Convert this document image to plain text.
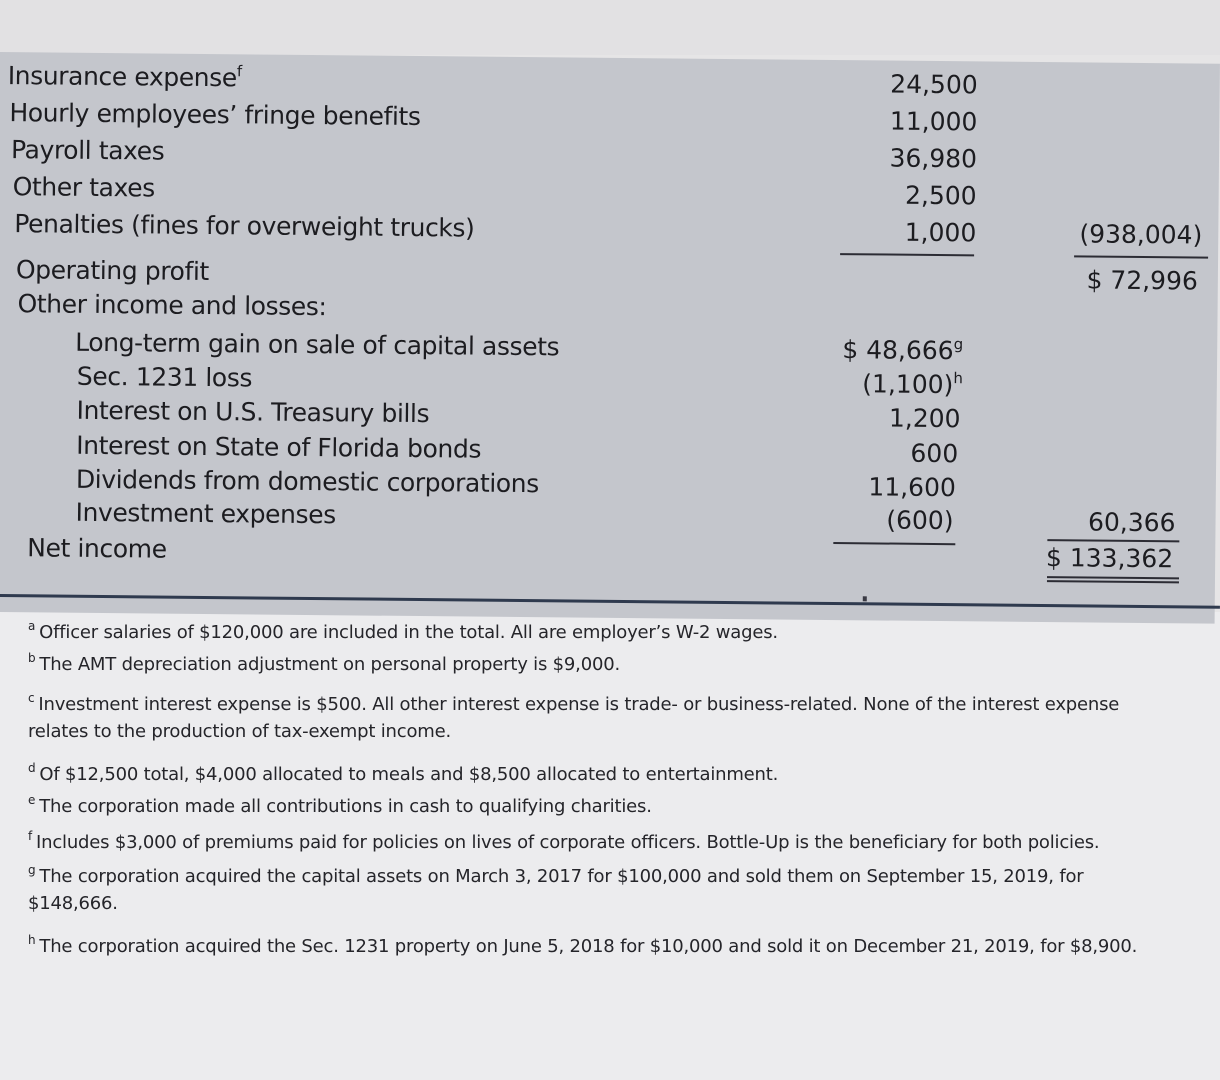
Insurance expense$^f$	24,500
Hourly employees’ fringe benefits	11,000
Payroll taxes	36,980
Other taxes	2,500
Penalties (fines for overweight trucks)	1,000	(938,004)
Operating profit	$ 72,996
Other income and losses:
Long-term gain on sale of capital assets	$ 48,666$^g$
Sec. 1231 loss	$(1,100)^h$
Interest on U.S. Treasury bills	1,200
Interest on State of Florida bonds	600
Dividends from domestic corporations	11,600
Investment expenses	(600)	60,366
Net income	$ 133,362
$^a$ Officer salaries of $120,000 are included in the total. All are employer’s W-2 wages.
$^b$ The AMT depreciation adjustment on personal property is $9,000.
$^c$ Investment interest expense is $500. All other interest expense is trade- or business-related. None of the interest expense relates to the production of tax-exempt income.
$^d$ Of $12,500 total, $4,000 allocated to meals and $8,500 allocated to entertainment.
$^e$ The corporation made all contributions in cash to qualifying charities.
$^f$ Includes $3,000 of premiums paid for policies on lives of corporate officers. Bottle-Up is the beneficiary for both policies.
$^g$ The corporation acquired the capital assets on March 3, 2017 for $100,000 and sold them on September 15, 2019, for $148,666.
$^h$ The corporation acquired the Sec. 1231 property on June 5, 2018 for $10,000 and sold it on December 21, 2019, for $8,900.
